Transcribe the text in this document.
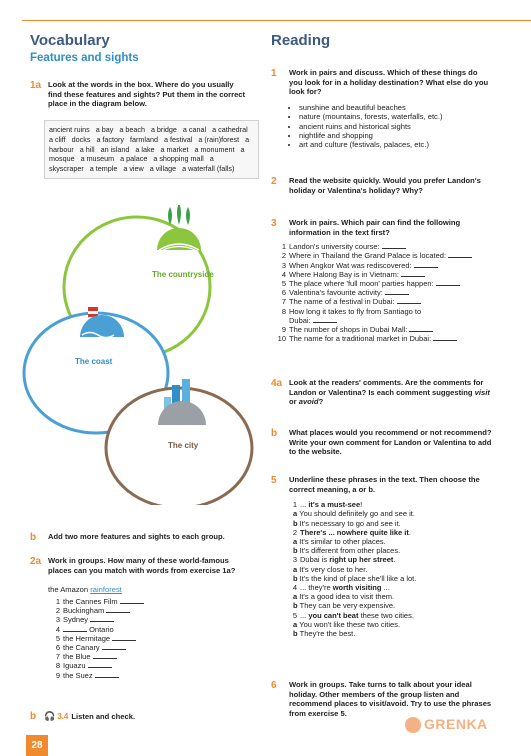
Vocabulary
Features and sights
1a Look at the words in the box. Where do you usually find these features and sights? Put them in the correct place in the diagram below.
ancient ruins a bay a beach a bridge a canal a cathedral a cliff docks a factory farmland a festival a (rain)forest a harbour a hill an island a lake a market a monument a mosque a museum a palace a shopping mall a skyscraper a temple a view a village a waterfall (falls)
The countryside
The coast
The city
b	Add two more features and sights to each group.
2a Work in groups. How many of these world-famous places can you match with words from exercise 1a?
the Amazon rainforest
1 the Cannes Film
2 Buckingham
3 Sydney
4	Ontario
5 the Hermitage
6 the Canary
7 the Blue
8 Iguazu
9 the Suez
b 🎧 3.4 Listen and check.
28
Reading
1	Work in pairs and discuss. Which of these things do you look for in a holiday destination? What else do you look for?
• sunshine and beautiful beaches
• nature (mountains, forests, waterfalls, etc.)
• ancient ruins and historical sights
• nightlife and shopping
• art and culture (festivals, palaces, etc.)
2	Read the website quickly. Would you prefer Landon's holiday or Valentina's holiday? Why?
3	Work in pairs. Which pair can find the following information in the text first?
1 Landon's university course:
2 Where in Thailand the Grand Palace is located:
3 When Angkor Wat was rediscovered:
4 Where Halong Bay is in Vietnam:
5 The place where 'full moon' parties happen:
6 Valentina's favourite activity:
7 The name of a festival in Dubai:
8 How long it takes to fly from Santiago to
Dubai:
9 The number of shops in Dubai Mall:
10 The name for a traditional market in Dubai:
4a Look at the readers' comments. Are the comments for Landon or Valentina? Is each comment suggesting visit or avoid?
b	What places would you recommend or not recommend? Write your own comment for Landon or Valentina to add to the website.
5	Underline these phrases in the text. Then choose the correct meaning, a or b.
1 ... it's a must-see!
a You should definitely go and see it.
b It's necessary to go and see it.
2 There's ... nowhere quite like it.
a It's similar to other places.
b It's different from other places.
3 Dubai is right up her street.
a It's very close to her.
b It's the kind of place she'll like a lot.
4 ... they're worth visiting ...
a It's a good idea to visit them.
b They can be very expensive.
5 ... you can't beat these two cities.
a You won't like these two cities.
b They're the best.
6	Work in groups. Take turns to talk about your ideal holiday. Other members of the group listen and recommend places to visit/avoid. Try to use the phrases from exercise 5.
GRENKA
